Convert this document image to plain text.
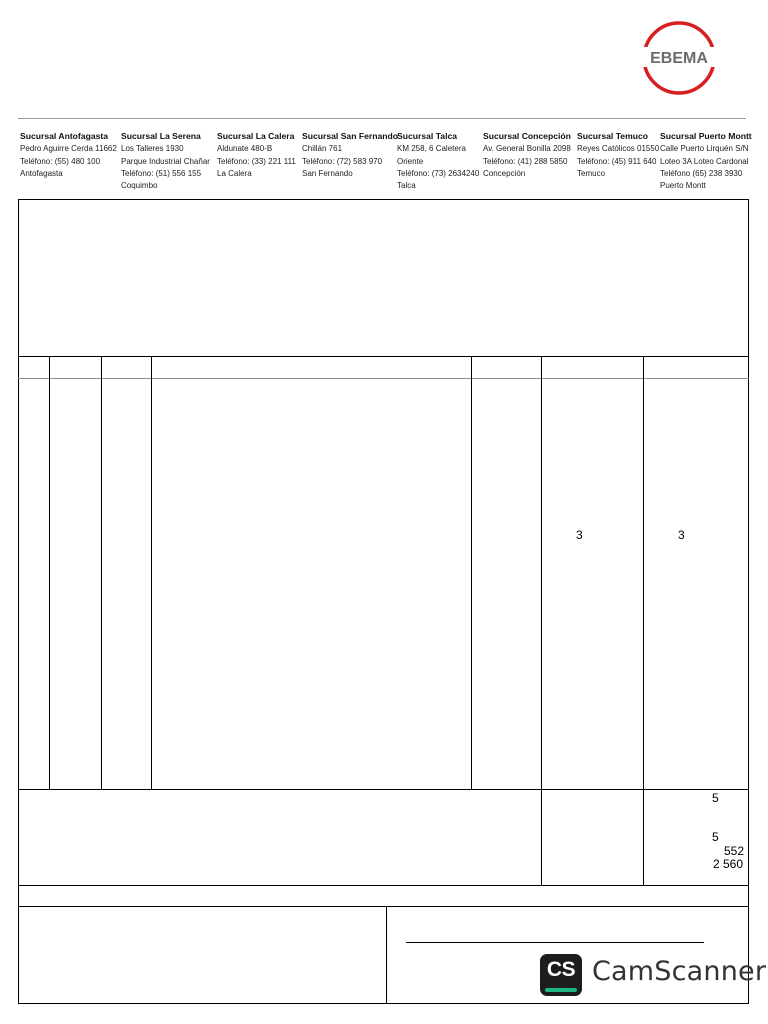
EBEMA
Sucursal Antofagasta
Pedro Aguirre Cerda 11662
Teléfono: (55) 480 100
Antofagasta
Sucursal La Serena
Los Talleres 1930
Parque Industrial Chañar
Teléfono: (51) 556 155
Coquimbo
Sucursal La Calera
Aldunate 480-B
Teléfono: (33) 221 111
La Calera
Sucursal San Fernando
Chillán 761
Teléfono: (72) 583 970
San Fernando
Sucursal Talca
KM 258, 6 Caletera
Oriente
Teléfono: (73) 2634240
Talca
Sucursal Concepción
Av. General Bonilla 2098
Teléfono: (41) 288 5850
Concepción
Sucursal Temuco
Reyes Católicos 01550
Teléfono: (45) 911 640
Temuco
Sucursal Puerto Montt
Calle Puerto Lirquén S/N
Loteo 3A Loteo Cardonal
Teléfono (65) 238 3930
Puerto Montt
3	3
5
5
552
2 560
CS CamScanner
